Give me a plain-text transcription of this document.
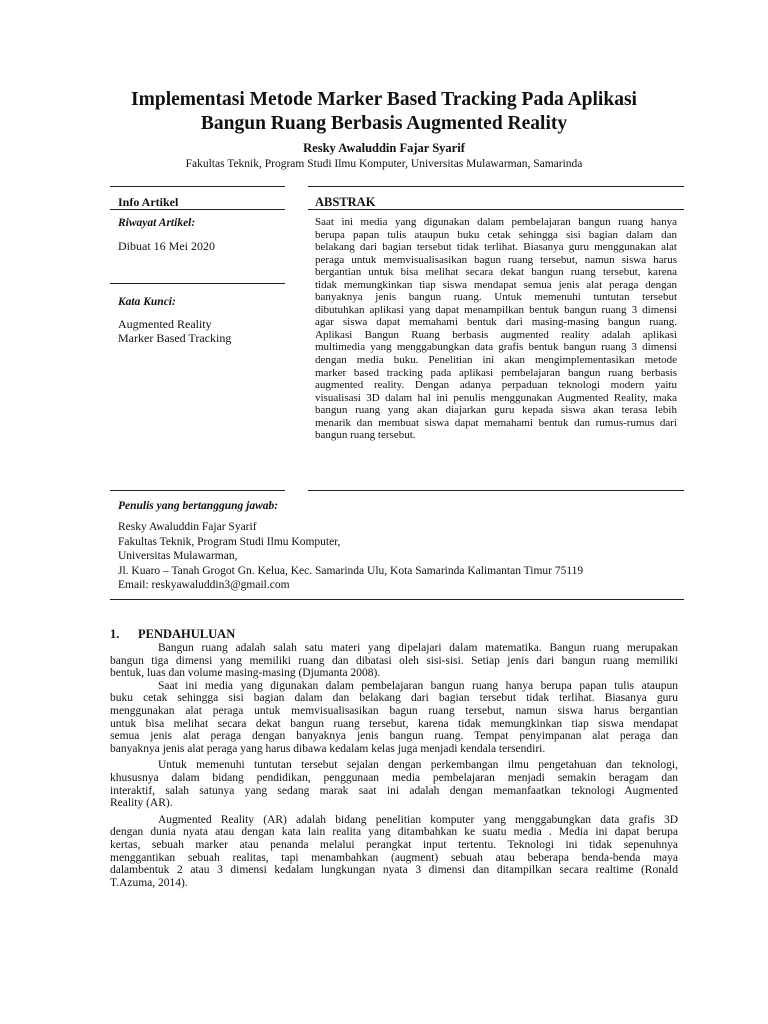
Implementasi Metode Marker Based Tracking Pada Aplikasi
Bangun Ruang Berbasis Augmented Reality
Resky Awaluddin Fajar Syarif
Fakultas Teknik, Program Studi Ilmu Komputer, Universitas Mulawarman, Samarinda
Info Artikel	ABSTRAK
Riwayat Artikel:
Dibuat 16 Mei 2020
Kata Kunci:
Augmented Reality
Marker Based Tracking
Saat ini media yang digunakan dalam pembelajaran bangun ruang hanya
berupa papan tulis ataupun buku cetak sehingga sisi bagian dalam dan
belakang dari bagian tersebut tidak terlihat. Biasanya guru menggunakan alat
peraga untuk memvisualisasikan bagun ruang tersebut, namun siswa harus
bergantian untuk bisa melihat secara dekat bangun ruang tersebut, karena
tidak memungkinkan tiap siswa mendapat semua jenis alat peraga dengan
banyaknya jenis bangun ruang. Untuk memenuhi tuntutan tersebut
dibutuhkan aplikasi yang dapat menampilkan bentuk bangun ruang 3 dimensi
agar siswa dapat memahami bentuk dari masing-masing bangun ruang.
Aplikasi Bangun Ruang berbasis augmented reality adalah aplikasi
multimedia yang menggabungkan data grafis bentuk bangun ruang 3 dimensi
dengan media buku. Penelitian ini akan mengimplementasikan metode
marker based tracking pada aplikasi pembelajaran bangun ruang berbasis
augmented reality. Dengan adanya perpaduan teknologi modern yaitu
visualisasi 3D dalam hal ini penulis menggunakan Augmented Reality, maka
bangun ruang yang akan diajarkan guru kepada siswa akan terasa lebih
menarik dan membuat siswa dapat memahami bentuk dan rumus-rumus dari
bangun ruang tersebut.
Penulis yang bertanggung jawab:
Resky Awaluddin Fajar Syarif
Fakultas Teknik, Program Studi Ilmu Komputer,
Universitas Mulawarman,
Jl. Kuaro – Tanah Grogot Gn. Kelua, Kec. Samarinda Ulu, Kota Samarinda Kalimantan Timur 75119
Email: reskyawaluddin3@gmail.com
1. PENDAHULUAN
Bangun ruang adalah salah satu materi yang dipelajari dalam matematika. Bangun ruang merupakan
bangun tiga dimensi yang memiliki ruang dan dibatasi oleh sisi-sisi. Setiap jenis dari bangun ruang memiliki
bentuk, luas dan volume masing-masing (Djumanta 2008).
Saat ini media yang digunakan dalam pembelajaran bangun ruang hanya berupa papan tulis ataupun
buku cetak sehingga sisi bagian dalam dan belakang dari bagian tersebut tidak terlihat. Biasanya guru
menggunakan alat peraga untuk memvisualisasikan bagun ruang tersebut, namun siswa harus bergantian
untuk bisa melihat secara dekat bangun ruang tersebut, karena tidak memungkinkan tiap siswa mendapat
semua jenis alat peraga dengan banyaknya jenis bangun ruang. Tempat penyimpanan alat peraga dan
banyaknya jenis alat peraga yang harus dibawa kedalam kelas juga menjadi kendala tersendiri.
Untuk memenuhi tuntutan tersebut sejalan dengan perkembangan ilmu pengetahuan dan teknologi,
khususnya dalam bidang pendidikan, penggunaan media pembelajaran menjadi semakin beragam dan
interaktif, salah satunya yang sedang marak saat ini adalah dengan memanfaatkan teknologi Augmented
Reality (AR).
Augmented Reality (AR) adalah bidang penelitian komputer yang menggabungkan data grafis 3D
dengan dunia nyata atau dengan kata lain realita yang ditambahkan ke suatu media . Media ini dapat berupa
kertas, sebuah marker atau penanda melalui perangkat input tertentu. Teknologi ini tidak sepenuhnya
menggantikan sebuah realitas, tapi menambahkan (augment) sebuah atau beberapa benda-benda maya
dalambentuk 2 atau 3 dimensi kedalam lungkungan nyata 3 dimensi dan ditampilkan secara realtime (Ronald
T.Azuma, 2014).
